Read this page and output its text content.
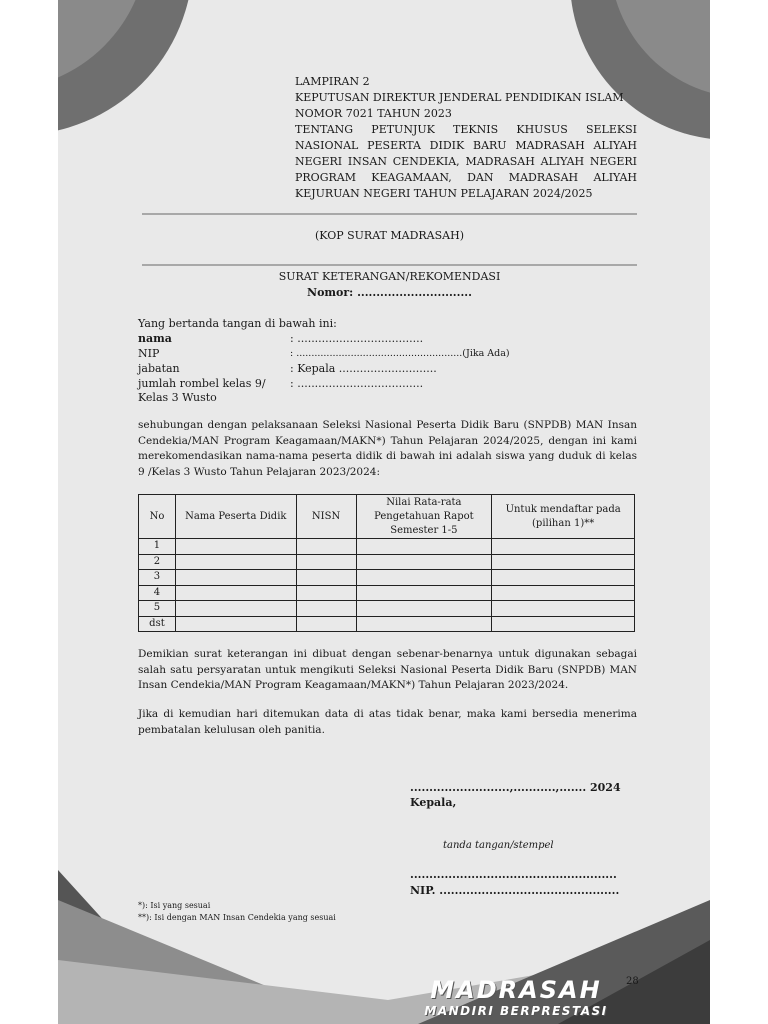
LAMPIRAN 2
KEPUTUSAN DIREKTUR JENDERAL PENDIDIKAN ISLAM
NOMOR 7021 TAHUN 2023
TENTANG PETUNJUK TEKNIS KHUSUS SELEKSI
NASIONAL PESERTA DIDIK BARU MADRASAH ALIYAH
NEGERI INSAN CENDEKIA, MADRASAH ALIYAH NEGERI
PROGRAM KEAGAMAAN, DAN MADRASAH ALIYAH
KEJURUAN NEGERI TAHUN PELAJARAN 2024/2025
(KOP SURAT MADRASAH)
SURAT KETERANGAN/REKOMENDASI
Nomor: ..............................
Yang bertanda tangan di bawah ini:
nama	: ....................................
NIP	: .......................................................(Jika Ada)
jabatan	: Kepala ............................
jumlah rombel kelas 9/ : ....................................
Kelas 3 Wusto
sehubungan dengan pelaksanaan Seleksi Nasional Peserta Didik Baru (SNPDB) MAN Insan Cendekia/MAN Program Keagamaan/MAKN*) Tahun Pelajaran 2024/2025, dengan ini kami merekomendasikan nama-nama peserta didik di bawah ini adalah siswa yang duduk di kelas 9 /Kelas 3 Wusto Tahun Pelajaran 2023/2024:
No	Nama Peserta Didik	NISN	Nilai Rata-rata Pengetahuan Rapot Semester 1-5	Untuk mendaftar pada (pilihan 1)**
1				
2				
3				
4				
5				
dst				
Demikian surat keterangan ini dibuat dengan sebenar-benarnya untuk digunakan sebagai salah satu persyaratan untuk mengikuti Seleksi Nasional Peserta Didik Baru (SNPDB) MAN Insan Cendekia/MAN Program Keagamaan/MAKN*) Tahun Pelajaran 2023/2024.
Jika di kemudian hari ditemukan data di atas tidak benar, maka kami bersedia menerima pembatalan kelulusan oleh panitia.
..........................,...........,....... 2024
Kepala,
tanda tangan/stempel
......................................................
NIP. ...............................................
*): Isi yang sesuai
**): Isi dengan MAN Insan Cendekia yang sesuai
28
MADRASAH
MANDIRI BERPRESTASI
